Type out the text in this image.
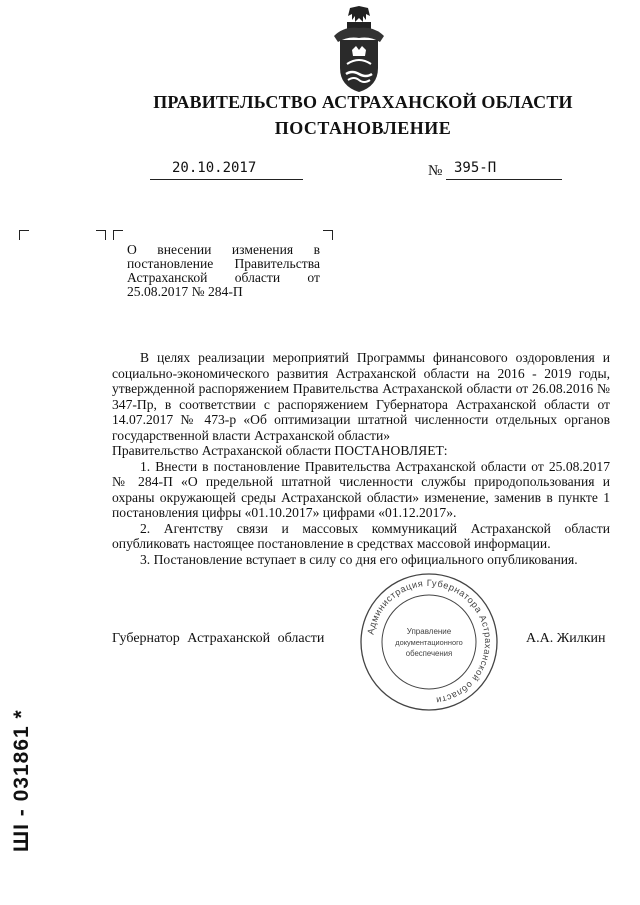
ПРАВИТЕЛЬСТВО АСТРАХАНСКОЙ ОБЛАСТИ
ПОСТАНОВЛЕНИЕ
20.10.2017	№ 395-П
О внесении изменения в
постановление Правительства
Астраханской области от
25.08.2017 № 284-П
В целях реализации мероприятий Программы финансового оздоровления и социально-экономического развития Астраханской области на 2016 - 2019 годы, утвержденной распоряжением Правительства Астраханской области от 26.08.2016 № 347-Пр, в соответствии с распоряжением Губернатора Астраханской области от 14.07.2017 № 473-р «Об оптимизации штатной численности отдельных органов государственной власти Астраханской области»
Правительство Астраханской области ПОСТАНОВЛЯЕТ:
1. Внести в постановление Правительства Астраханской области от 25.08.2017 № 284-П «О предельной штатной численности службы природопользования и охраны окружающей среды Астраханской области» изменение, заменив в пункте 1 постановления цифры «01.10.2017» цифрами «01.12.2017».
2. Агентству связи и массовых коммуникаций Астраханской области опубликовать настоящее постановление в средствах массовой информации.
3. Постановление вступает в силу со дня его официального опубликования.
Администрация Губернатора Астраханской области
Управление
документационного
обеспечения
Губернатор Астраханской области	А.А. Жилкин
ШI - 031861 *
